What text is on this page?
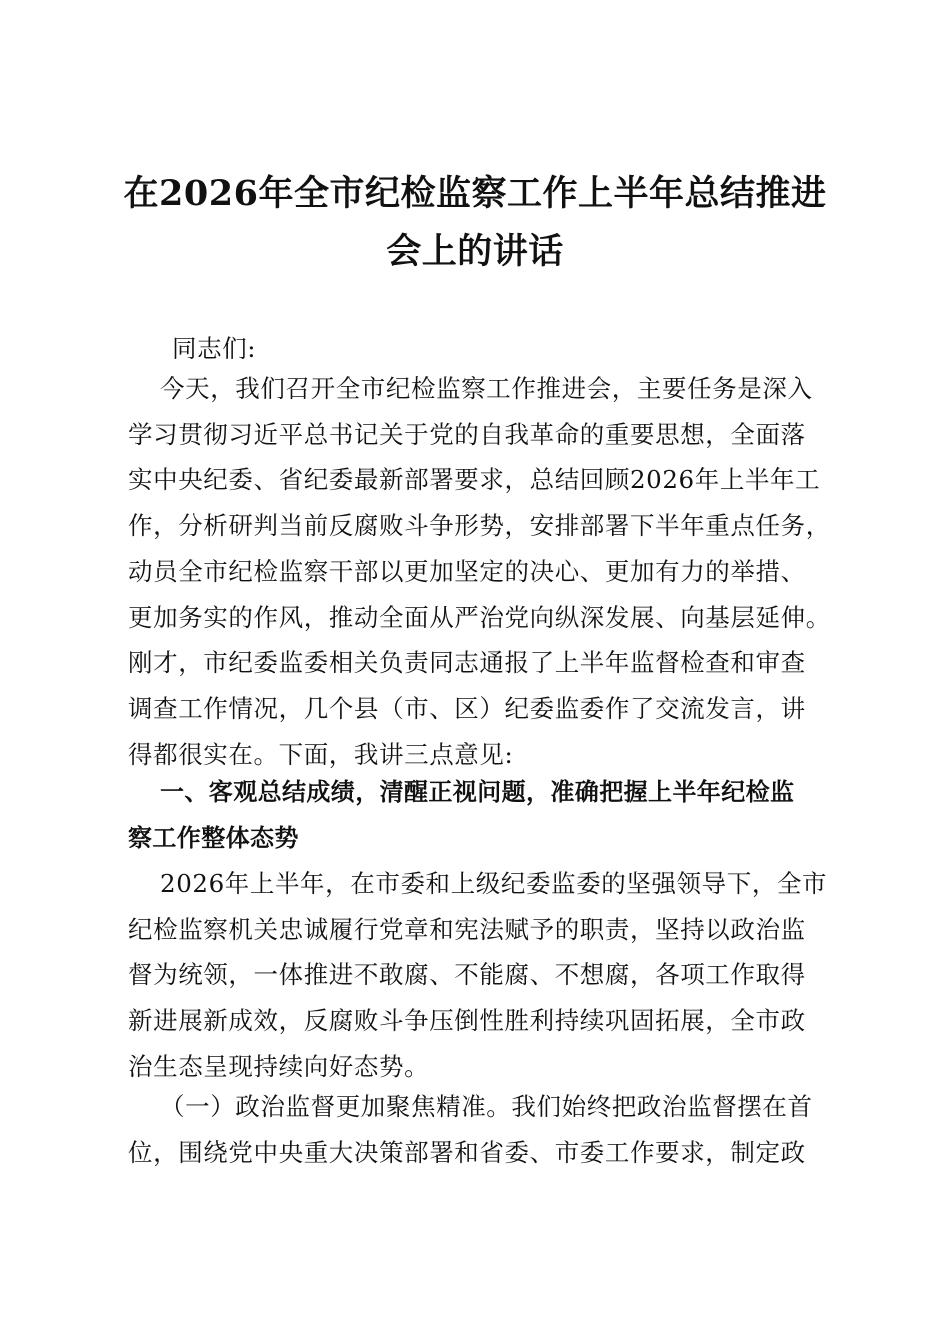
在2026年全市纪检监察工作上半年总结推进
会上的讲话

同志们:

今天，我们召开全市纪检监察工作推进会，主要任务是深入
学习贯彻习近平总书记关于党的自我革命的重要思想，全面落
实中央纪委、省纪委最新部署要求，总结回顾2026年上半年工
作，分析研判当前反腐败斗争形势，安排部署下半年重点任务，
动员全市纪检监察干部以更加坚定的决心、更加有力的举措、
更加务实的作风，推动全面从严治党向纵深发展、向基层延伸。
刚才，市纪委监委相关负责同志通报了上半年监督检查和审查
调查工作情况，几个县（市、区）纪委监委作了交流发言，讲
得都很实在。下面，我讲三点意见:

一、客观总结成绩，清醒正视问题，准确把握上半年纪检监
察工作整体态势

2026年上半年，在市委和上级纪委监委的坚强领导下，全市
纪检监察机关忠诚履行党章和宪法赋予的职责，坚持以政治监
督为统领，一体推进不敢腐、不能腐、不想腐，各项工作取得
新进展新成效，反腐败斗争压倒性胜利持续巩固拓展，全市政
治生态呈现持续向好态势。

（一）政治监督更加聚焦精准。我们始终把政治监督摆在首
位，围绕党中央重大决策部署和省委、市委工作要求，制定政
